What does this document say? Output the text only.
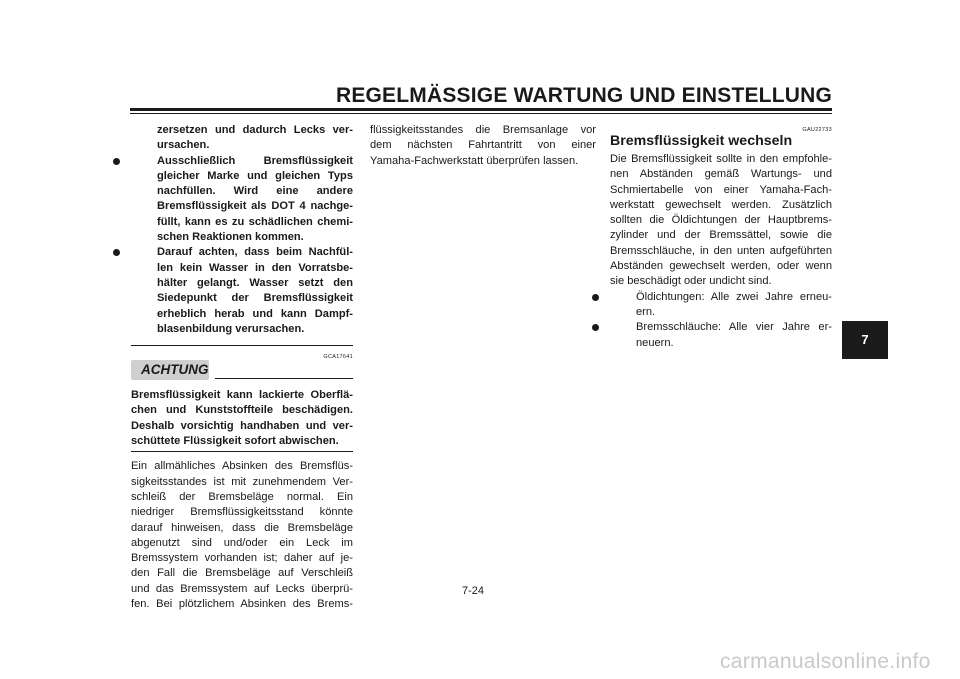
REGELMÄSSIGE WARTUNG UND EINSTELLUNG
zersetzen und dadurch Lecks ver-
ursachen.
Ausschließlich Bremsflüssigkeit
gleicher Marke und gleichen Typs
nachfüllen. Wird eine andere
Bremsflüssigkeit als DOT 4 nachge-
füllt, kann es zu schädlichen chemi-
schen Reaktionen kommen.
Darauf achten, dass beim Nachfül-
len kein Wasser in den Vorratsbe-
hälter gelangt. Wasser setzt den
Siedepunkt der Bremsflüssigkeit
erheblich herab und kann Dampf-
blasenbildung verursachen.
GCA17641
ACHTUNG
Bremsflüssigkeit kann lackierte Oberflä-
chen und Kunststoffteile beschädigen.
Deshalb vorsichtig handhaben und ver-
schüttete Flüssigkeit sofort abwischen.
Ein allmähliches Absinken des Bremsflüs-
sigkeitsstandes ist mit zunehmendem Ver-
schleiß der Bremsbeläge normal. Ein
niedriger Bremsflüssigkeitsstand könnte
darauf hinweisen, dass die Bremsbeläge
abgenutzt sind und/oder ein Leck im
Bremssystem vorhanden ist; daher auf je-
den Fall die Bremsbeläge auf Verschleiß
und das Bremssystem auf Lecks überprü-
fen. Bei plötzlichem Absinken des Brems-
flüssigkeitsstandes die Bremsanlage vor
dem nächsten Fahrtantritt von einer
Yamaha-Fachwerkstatt überprüfen lassen.
GAU22733
Bremsflüssigkeit wechseln
Die Bremsflüssigkeit sollte in den empfohle-
nen Abständen gemäß Wartungs- und
Schmiertabelle von einer Yamaha-Fach-
werkstatt gewechselt werden. Zusätzlich
sollten die Öldichtungen der Hauptbrems-
zylinder und der Bremssättel, sowie die
Bremsschläuche, in den unten aufgeführten
Abständen gewechselt werden, oder wenn
sie beschädigt oder undicht sind.
Öldichtungen: Alle zwei Jahre erneu-
ern.
Bremsschläuche: Alle vier Jahre er-
neuern.	7
7-24
carmanualsonline.info
